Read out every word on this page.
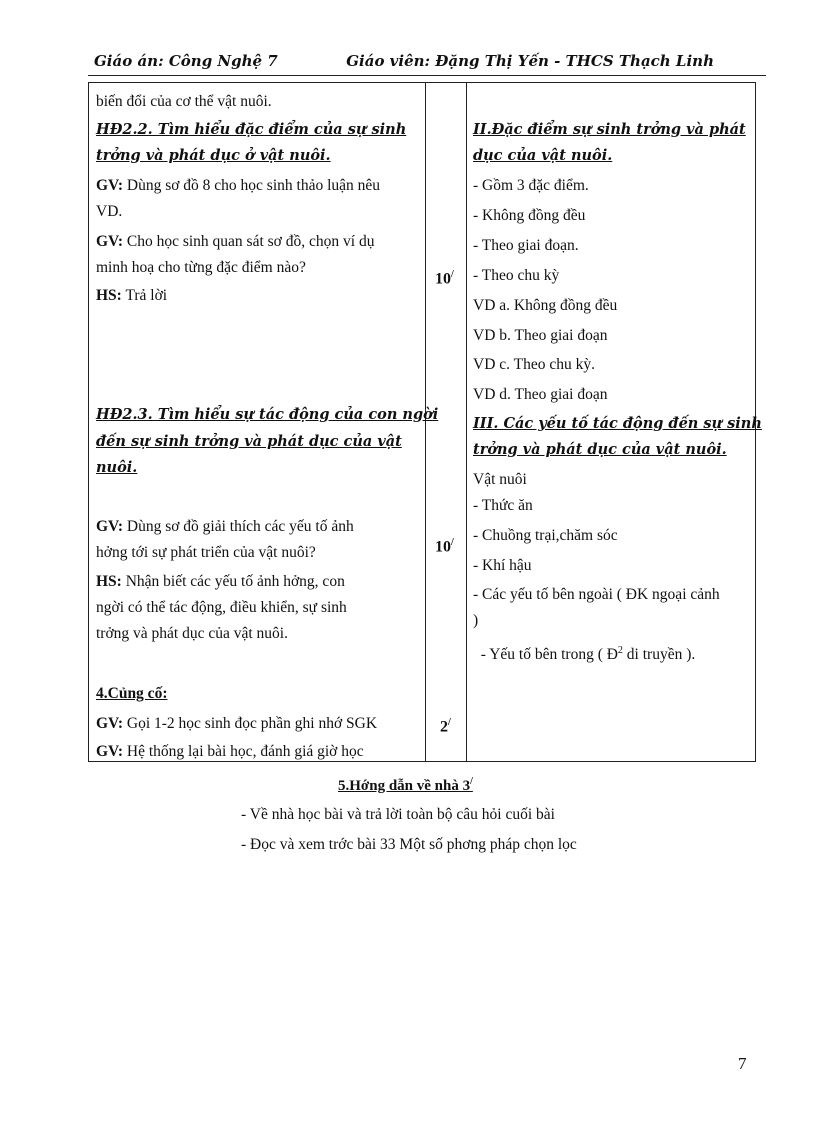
Giáo án: Công Nghệ 7	Giáo viên: Đặng Thị Yến - THCS Thạch Linh
biến đổi của cơ thể vật nuôi.
HĐ2.2. Tìm hiểu đặc điểm của sự sinh
trởng và phát dục ở vật nuôi.
GV: Dùng sơ đồ 8 cho học sinh thảo luận nêu
VD.
GV: Cho học sinh quan sát sơ đồ, chọn ví dụ
minh hoạ cho từng đặc điểm nào?
HS: Trả lời
HĐ2.3. Tìm hiểu sự tác động của con ngời
đến sự sinh trởng và phát dục của vật
nuôi.
GV: Dùng sơ đồ giải thích các yếu tố ảnh
hởng tới sự phát triển của vật nuôi?
HS: Nhận biết các yếu tố ảnh hởng, con
ngời có thể tác động, điều khiển, sự sinh
trởng và phát dục của vật nuôi.
4.Củng cố:
GV: Gọi 1-2 học sinh đọc phần ghi nhớ SGK
GV: Hệ thống lại bài học, đánh giá giờ học
10/
10/
2/
II.Đặc điểm sự sinh trởng và phát
dục của vật nuôi.
- Gồm 3 đặc điểm.
- Không đồng đều
- Theo giai đoạn.
- Theo chu kỳ
VD a. Không đồng đều
VD b. Theo giai đoạn
VD c. Theo chu kỳ.
VD d. Theo giai đoạn
III. Các yếu tố tác động đến sự sinh
trởng và phát dục của vật nuôi.
Vật nuôi
- Thức ăn
- Chuồng trại,chăm sóc
- Khí hậu
- Các yếu tố bên ngoài ( ĐK ngoại cảnh
)
- Yếu tố bên trong ( $Đ^2$ di truyền ).
5.Hớng dẫn về nhà 3/
- Về nhà học bài và trả lời toàn bộ câu hỏi cuối bài
- Đọc và xem trớc bài 33 Một số phơng pháp chọn lọc
7
